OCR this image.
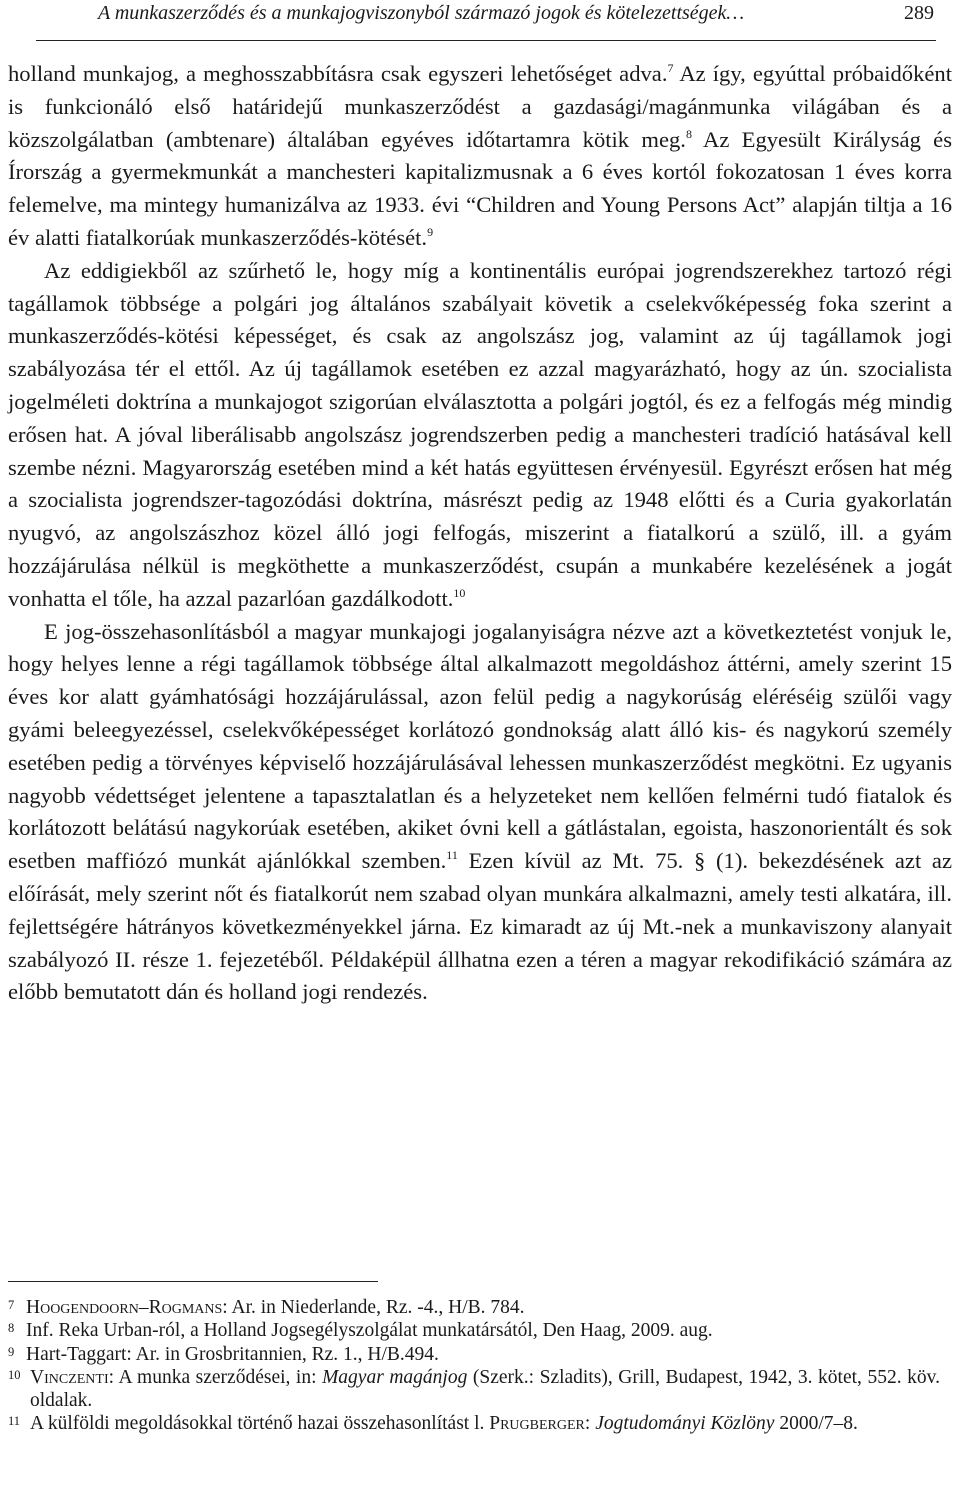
A munkaszerződés és a munkajogviszonyból származó jogok és kötelezettségek…	289

holland munkajog, a meghosszabbításra csak egyszeri lehetőséget adva.$^7$ Az így, egyúttal próbaidőként is funkcionáló első határidejű munkaszerződést a gazdasági/magánmunka világában és a közszolgálatban (ambtenare) általában egyéves időtartamra kötik meg.$^8$ Az Egyesült Királyság és Írország a gyermekmunkát a manchesteri kapitalizmusnak a 6 éves kortól fokozatosan 1 éves korra felemelve, ma mintegy humanizálva az 1933. évi “Children and Young Persons Act” alapján tiltja a 16 év alatti fiatalkorúak munkaszerződés-kötését.$^9$

Az eddigiekből az szűrhető le, hogy míg a kontinentális európai jogrendszerekhez tartozó régi tagállamok többsége a polgári jog általános szabályait követik a cselekvőképesség foka szerint a munkaszerződés-kötési képességet, és csak az angolszász jog, valamint az új tagállamok jogi szabályozása tér el ettől. Az új tagállamok esetében ez azzal magyarázható, hogy az ún. szocialista jogelméleti doktrína a munkajogot szigorúan elválasztotta a polgári jogtól, és ez a felfogás még mindig erősen hat. A jóval liberálisabb angolszász jogrendszerben pedig a manchesteri tradíció hatásával kell szembe nézni. Magyarország esetében mind a két hatás együttesen érvényesül. Egyrészt erősen hat még a szocialista jogrendszer-tagozódási doktrína, másrészt pedig az 1948 előtti és a Curia gyakorlatán nyugvó, az angolszászhoz közel álló jogi felfogás, miszerint a fiatalkorú a szülő, ill. a gyám hozzájárulása nélkül is megköthette a munkaszerződést, csupán a munkabére kezelésének a jogát vonhatta el tőle, ha azzal pazarlóan gazdálkodott.$^{10}$

E jog-összehasonlításból a magyar munkajogi jogalanyiságra nézve azt a következtetést vonjuk le, hogy helyes lenne a régi tagállamok többsége által alkalmazott megoldáshoz áttérni, amely szerint 15 éves kor alatt gyámhatósági hozzájárulással, azon felül pedig a nagykorúság eléréséig szülői vagy gyámi beleegyezéssel, cselekvőképességet korlátozó gondnokság alatt álló kis- és nagykorú személy esetében pedig a törvényes képviselő hozzájárulásával lehessen munkaszerződést megkötni. Ez ugyanis nagyobb védettséget jelentene a tapasztalatlan és a helyzeteket nem kellően felmérni tudó fiatalok és korlátozott belátású nagykorúak esetében, akiket óvni kell a gátlástalan, egoista, haszonorientált és sok esetben maffiózó munkát ajánlókkal szemben.$^{11}$ Ezen kívül az Mt. 75. § (1). bekezdésének azt az előírását, mely szerint nőt és fiatalkorút nem szabad olyan munkára alkalmazni, amely testi alkatára, ill. fejlettségére hátrányos következményekkel járna. Ez kimaradt az új Mt.-nek a munkaviszony alanyait szabályozó II. része 1. fejezetéből. Példaképül állhatna ezen a téren a magyar rekodifikáció számára az előbb bemutatott dán és holland jogi rendezés.

7 Hoogendoorn–Rogmans: Ar. in Niederlande, Rz. -4., H/B. 784.

8 Inf. Reka Urban-ról, a Holland Jogsegélyszolgálat munkatársától, Den Haag, 2009. aug.

9 Hart-Taggart: Ar. in Grosbritannien, Rz. 1., H/B.494.

10 Vinczenti: A munka szerződései, in: Magyar magánjog (Szerk.: Szladits), Grill, Budapest, 1942, 3. kötet, 552. köv. oldalak.

11 A külföldi megoldásokkal történő hazai összehasonlítást l. Prugberger: Jogtudományi Közlöny 2000/7–8.
